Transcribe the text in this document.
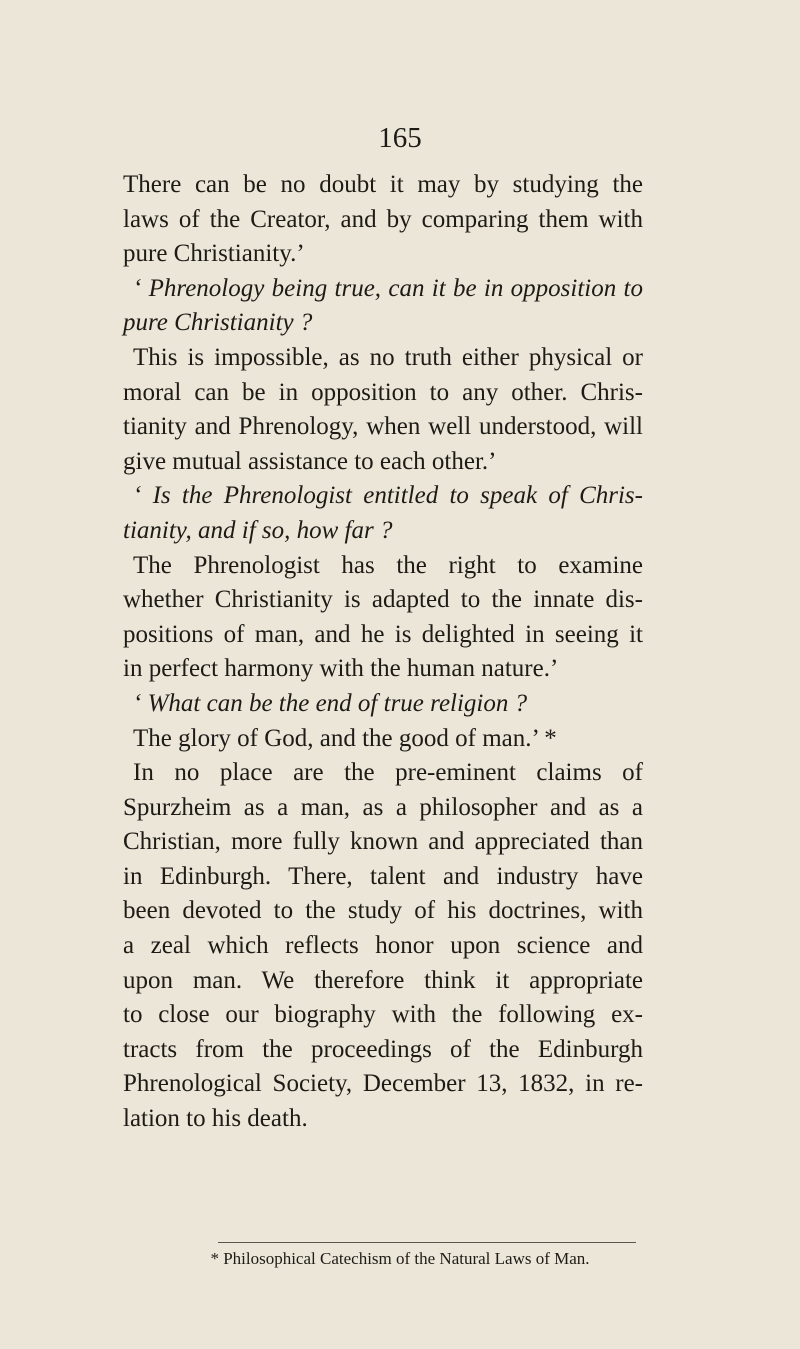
165
There can be no doubt it may by studying the
laws of the Creator, and by comparing them with
pure Christianity.’
‘ Phrenology being true, can it be in opposition to
pure Christianity ?
This is impossible, as no truth either physical or
moral can be in opposition to any other. Chris-
tianity and Phrenology, when well understood, will
give mutual assistance to each other.’
‘ Is the Phrenologist entitled to speak of Chris-
tianity, and if so, how far ?
The Phrenologist has the right to examine
whether Christianity is adapted to the innate dis-
positions of man, and he is delighted in seeing it
in perfect harmony with the human nature.’
‘ What can be the end of true religion ?
The glory of God, and the good of man.’ *
In no place are the pre-eminent claims of
Spurzheim as a man, as a philosopher and as a
Christian, more fully known and appreciated than
in Edinburgh. There, talent and industry have
been devoted to the study of his doctrines, with
a zeal which reflects honor upon science and
upon man. We therefore think it appropriate
to close our biography with the following ex-
tracts from the proceedings of the Edinburgh
Phrenological Society, December 13, 1832, in re-
lation to his death.
* Philosophical Catechism of the Natural Laws of Man.
